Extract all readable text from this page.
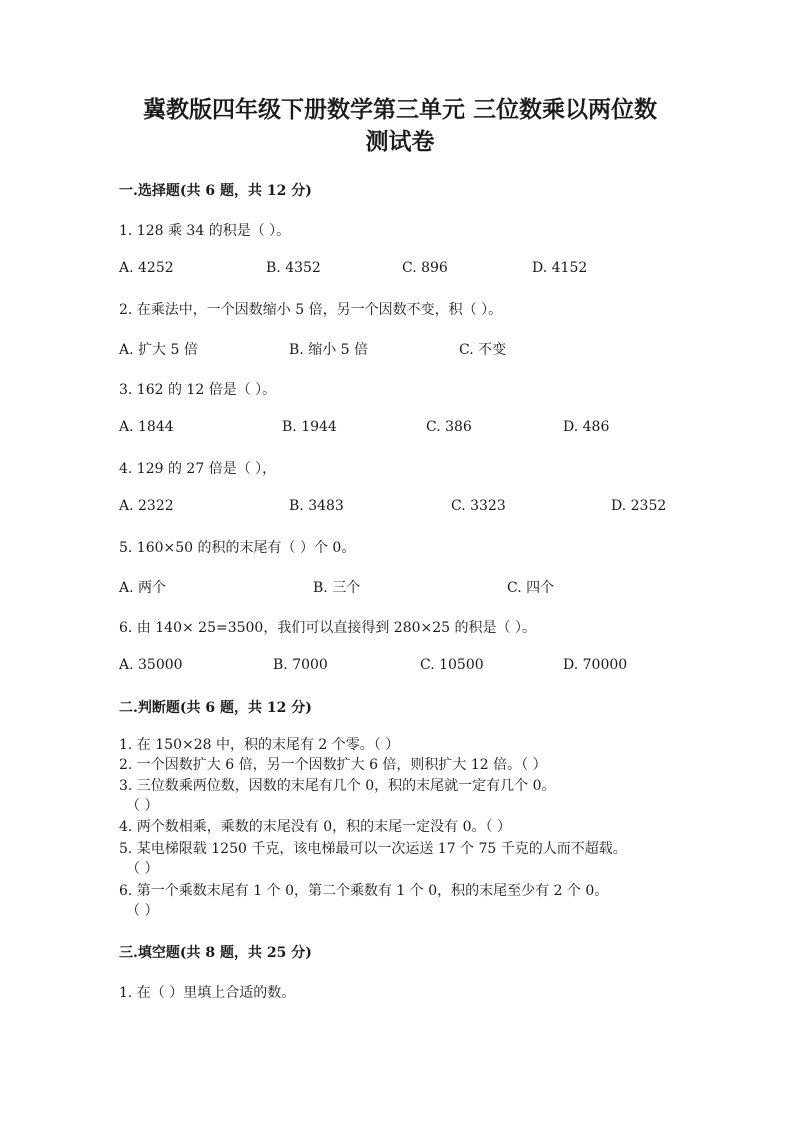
冀教版四年级下册数学第三单元 三位数乘以两位数
测试卷
一.选择题(共 6 题，共 12 分)
1. 128 乘 34 的积是（ ）。
A. 4252	B. 4352	C. 896	D. 4152
2. 在乘法中，一个因数缩小 5 倍，另一个因数不变，积（ ）。
A. 扩大 5 倍	B. 缩小 5 倍	C. 不变
3. 162 的 12 倍是（ ）。
A. 1844	B. 1944	C. 386	D. 486
4. 129 的 27 倍是（ ），
A. 2322	B. 3483	C. 3323	D. 2352
5. 160×50 的积的末尾有（ ）个 0。
A. 两个	B. 三个	C. 四个
6. 由 140× 25=3500，我们可以直接得到 280×25 的积是（ ）。
A. 35000	B. 7000	C. 10500	D. 70000
二.判断题(共 6 题，共 12 分)
1. 在 150×28 中，积的末尾有 2 个零。（ ）
2. 一个因数扩大 6 倍，另一个因数扩大 6 倍，则积扩大 12 倍。（ ）
3. 三位数乘两位数，因数的末尾有几个 0，积的末尾就一定有几个 0。
（ ）
4. 两个数相乘，乘数的末尾没有 0，积的末尾一定没有 0。（ ）
5. 某电梯限载 1250 千克，该电梯最可以一次运送 17 个 75 千克的人而不超载。
（ ）
6. 第一个乘数末尾有 1 个 0，第二个乘数有 1 个 0，积的末尾至少有 2 个 0。
（ ）
三.填空题(共 8 题，共 25 分)
1. 在（ ）里填上合适的数。
